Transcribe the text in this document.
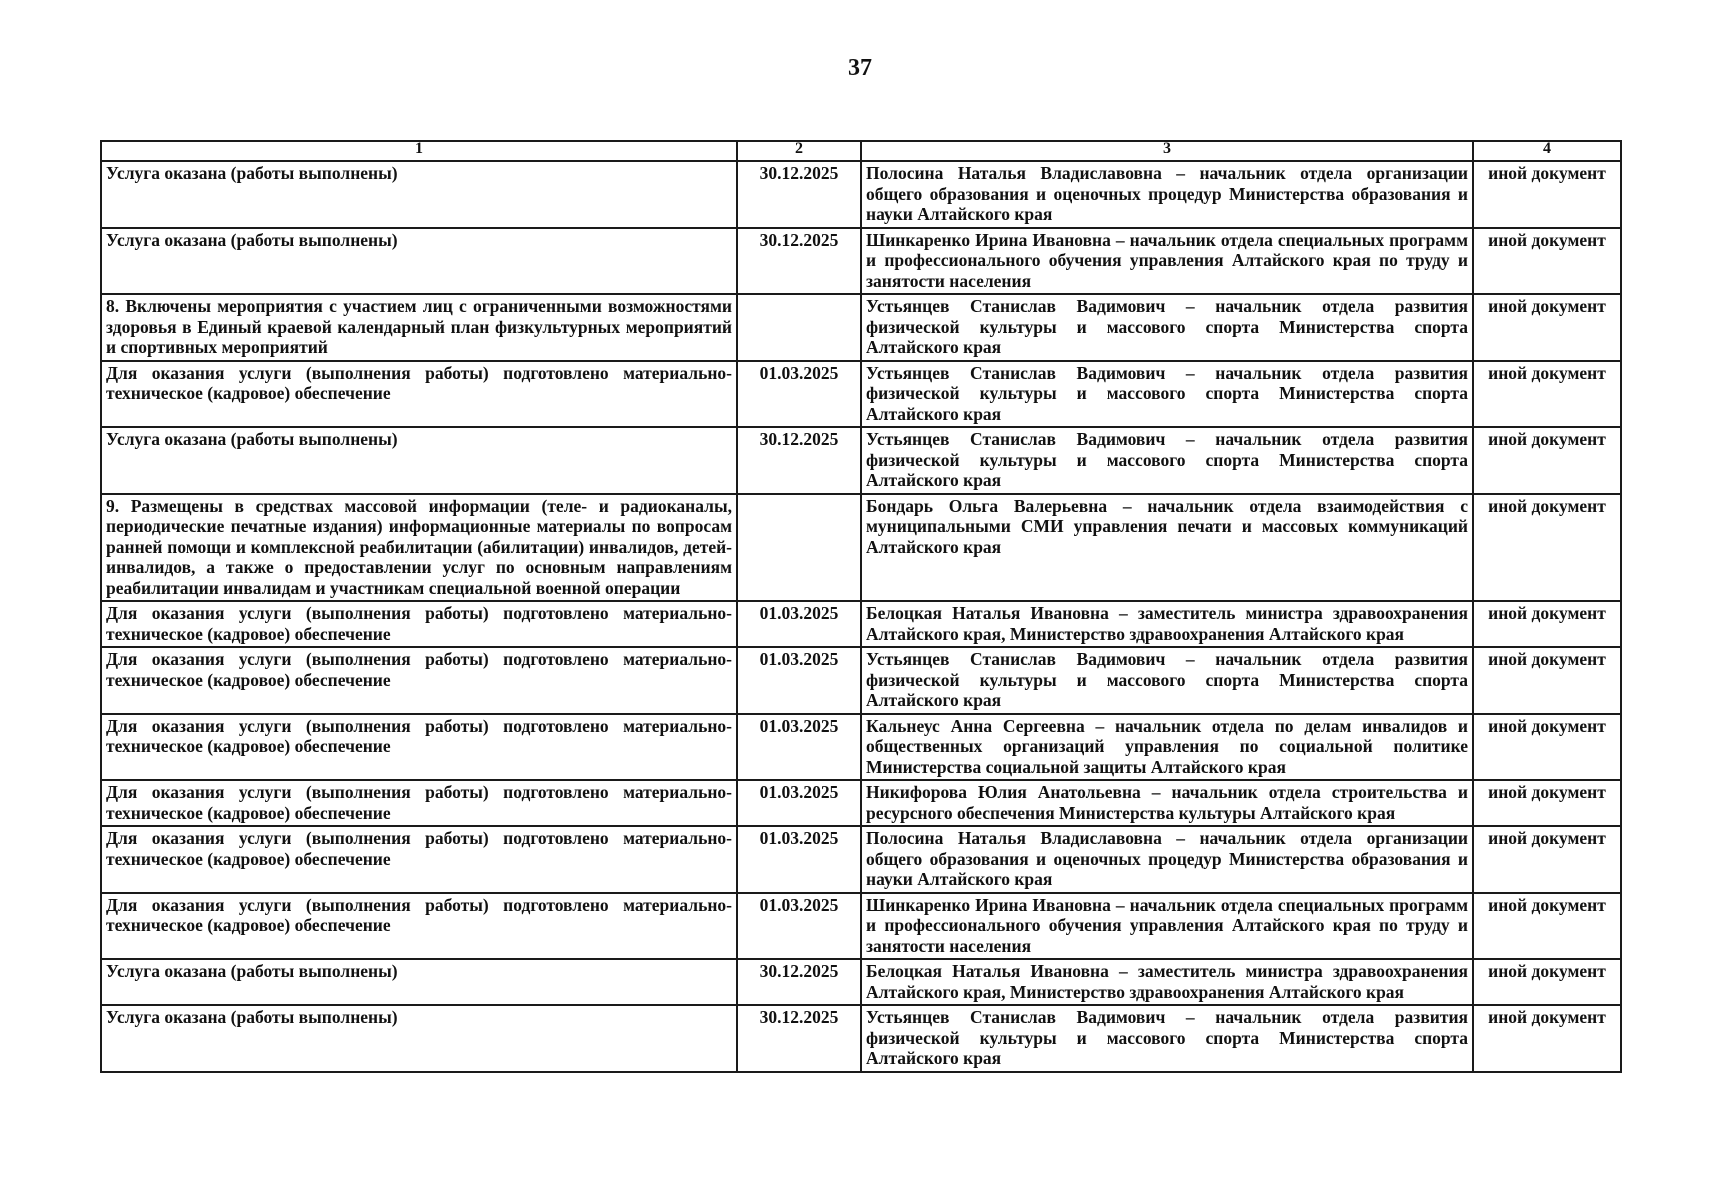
37
1	2	3	4
Услуга оказана (работы выполнены)	30.12.2025	Полосина Наталья Владиславовна – начальник отдела организации общего образования и оценочных процедур Министерства образования и науки Алтайского края	иной документ
Услуга оказана (работы выполнены)	30.12.2025	Шинкаренко Ирина Ивановна – начальник отдела специальных программ и профессионального обучения управления Алтайского края по труду и занятости населения	иной документ
8. Включены мероприятия с участием лиц с ограниченными возможностями здоровья в Единый краевой календарный план физкультурных мероприятий и спортивных мероприятий		Устьянцев Станислав Вадимович – начальник отдела развития физической культуры и массового спорта Министерства спорта Алтайского края	иной документ
Для оказания услуги (выполнения работы) подготовлено материально-техническое (кадровое) обеспечение	01.03.2025	Устьянцев Станислав Вадимович – начальник отдела развития физической культуры и массового спорта Министерства спорта Алтайского края	иной документ
Услуга оказана (работы выполнены)	30.12.2025	Устьянцев Станислав Вадимович – начальник отдела развития физической культуры и массового спорта Министерства спорта Алтайского края	иной документ
9. Размещены в средствах массовой информации (теле- и радиоканалы, периодические печатные издания) информационные материалы по вопросам ранней помощи и комплексной реабилитации (абилитации) инвалидов, детей-инвалидов, а также о предоставлении услуг по основным направлениям реабилитации инвалидам и участникам специальной военной операции		Бондарь Ольга Валерьевна – начальник отдела взаимодействия с муниципальными СМИ управления печати и массовых коммуникаций Алтайского края	иной документ
Для оказания услуги (выполнения работы) подготовлено материально-техническое (кадровое) обеспечение	01.03.2025	Белоцкая Наталья Ивановна – заместитель министра здравоохранения Алтайского края, Министерство здравоохранения Алтайского края	иной документ
Для оказания услуги (выполнения работы) подготовлено материально-техническое (кадровое) обеспечение	01.03.2025	Устьянцев Станислав Вадимович – начальник отдела развития физической культуры и массового спорта Министерства спорта Алтайского края	иной документ
Для оказания услуги (выполнения работы) подготовлено материально-техническое (кадровое) обеспечение	01.03.2025	Кальнеус Анна Сергеевна – начальник отдела по делам инвалидов и общественных организаций управления по социальной политике Министерства социальной защиты Алтайского края	иной документ
Для оказания услуги (выполнения работы) подготовлено материально-техническое (кадровое) обеспечение	01.03.2025	Никифорова Юлия Анатольевна – начальник отдела строительства и ресурсного обеспечения Министерства культуры Алтайского края	иной документ
Для оказания услуги (выполнения работы) подготовлено материально-техническое (кадровое) обеспечение	01.03.2025	Полосина Наталья Владиславовна – начальник отдела организации общего образования и оценочных процедур Министерства образования и науки Алтайского края	иной документ
Для оказания услуги (выполнения работы) подготовлено материально-техническое (кадровое) обеспечение	01.03.2025	Шинкаренко Ирина Ивановна – начальник отдела специальных программ и профессионального обучения управления Алтайского края по труду и занятости населения	иной документ
Услуга оказана (работы выполнены)	30.12.2025	Белоцкая Наталья Ивановна – заместитель министра здравоохранения Алтайского края, Министерство здравоохранения Алтайского края	иной документ
Услуга оказана (работы выполнены)	30.12.2025	Устьянцев Станислав Вадимович – начальник отдела развития физической культуры и массового спорта Министерства спорта Алтайского края	иной документ
